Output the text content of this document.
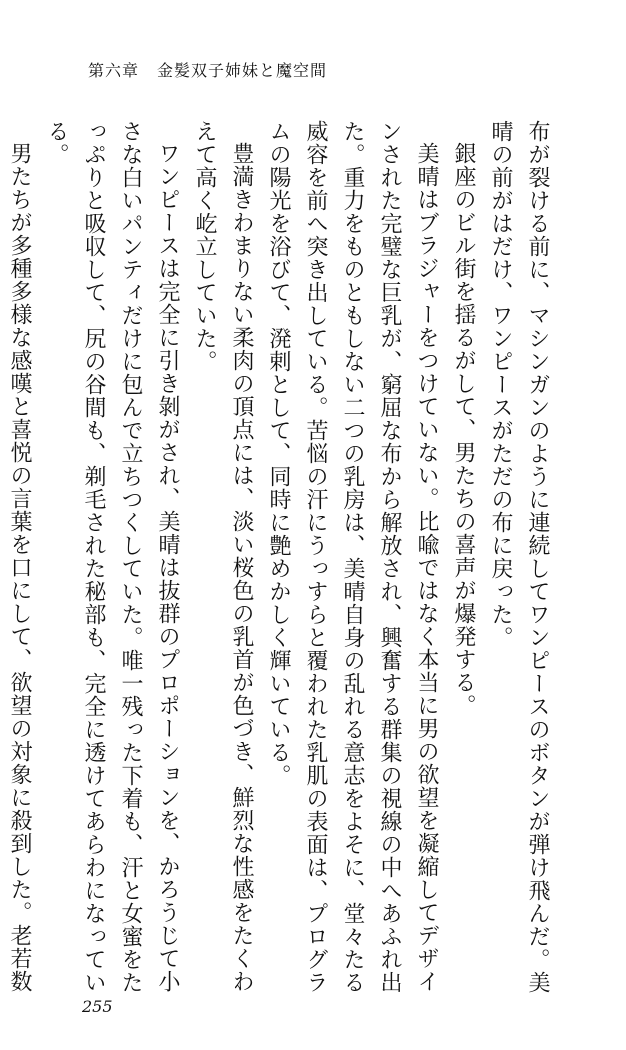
第六章 金髪双子姉妹と魔空間

布が裂ける前に、マシンガンのように連続してワンピースのボタンが弾け飛んだ。美晴の前がはだけ、ワンピースがただの布に戻った。

銀座のビル街を揺るがして、男たちの喜声が爆発する。

美晴はブラジャーをつけていない。比喩ではなく本当に男の欲望を凝縮してデザインされた完璧な巨乳が、窮屈な布から解放され、興奮する群集の視線の中へあふれ出た。重力をものともしない二つの乳房は、美晴自身の乱れる意志をよそに、堂々たる威容を前へ突き出している。苦悩の汗にうっすらと覆われた乳肌の表面は、プログラムの陽光を浴びて、溌剌として、同時に艶めかしく輝いている。

豊満きわまりない柔肉の頂点には、淡い桜色の乳首が色づき、鮮烈な性感をたくわえて高く屹立していた。

ワンピースは完全に引き剝がされ、美晴は抜群のプロポーションを、かろうじて小さな白いパンティだけに包んで立ちつくしていた。唯一残った下着も、汗と女蜜をたっぷりと吸収して、尻の谷間も、剃毛された秘部も、完全に透けてあらわになっている。

男たちが多種多様な感嘆と喜悦の言葉を口にして、欲望の対象に殺到した。老若数

255
